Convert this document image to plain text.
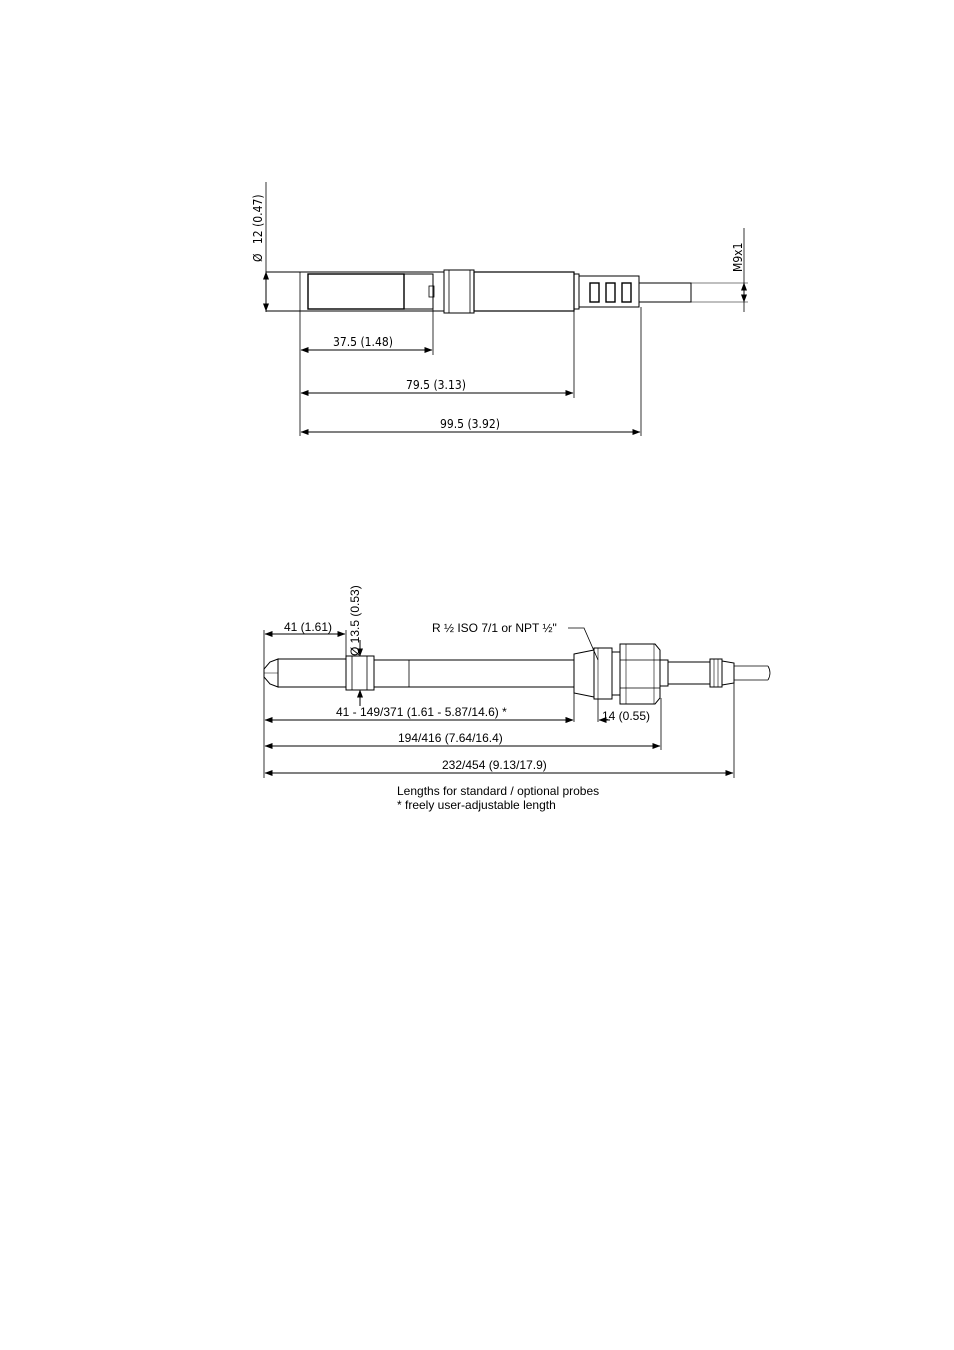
Ø 12 (0.47)
M9x1
37.5 (1.48)
79.5 (3.13)
99.5 (3.92)
41 (1.61) Ø 13.5 (0.53)	R ½ ISO 7/1 or NPT ½"
41 - 149/371 (1.61 - 5.87/14.6) *	14 (0.55)
194/416 (7.64/16.4)
232/454 (9.13/17.9)
Lengths for standard / optional probes
* freely user-adjustable length
